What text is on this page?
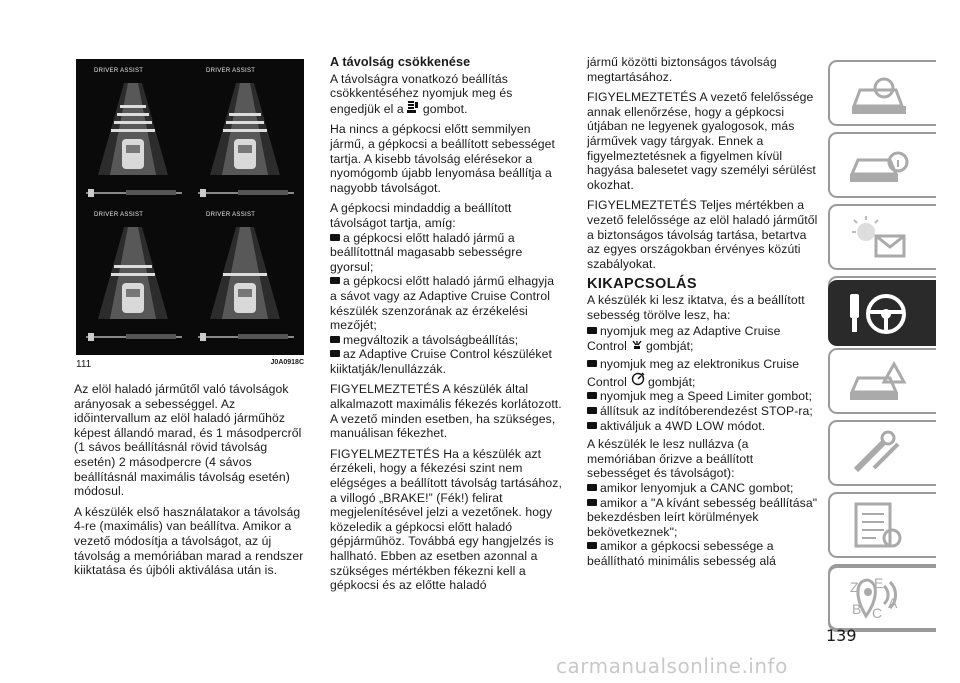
DRIVER ASSIST	DRIVER ASSIST
DRIVER ASSIST	DRIVER ASSIST
111	J0A0918C

Az elöl haladó járműtől való távolságok arányosak a sebességgel. Az időintervallum az elöl haladó járműhöz képest állandó marad, és 1 másodpercről (1 sávos beállításnál rövid távolság esetén) 2 másodpercre (4 sávos beállításnál maximális távolság esetén) módosul.

A készülék első használatakor a távolság 4-re (maximális) van beállítva. Amikor a vezető módosítja a távolságot, az új távolság a memóriában marad a rendszer kiiktatása és újbóli aktiválása után is.

A távolság csökkenése

A távolságra vonatkozó beállítás csökkentéséhez nyomjuk meg és engedjük el a gombot.

Ha nincs a gépkocsi előtt semmilyen jármű, a gépkocsi a beállított sebességet tartja. A kisebb távolság elérésekor a nyomógomb újabb lenyomása beállítja a nagyobb távolságot.

A gépkocsi mindaddig a beállított távolságot tartja, amíg:

a gépkocsi előtt haladó jármű a beállítottnál magasabb sebességre gyorsul;
a gépkocsi előtt haladó jármű elhagyja a sávot vagy az Adaptive Cruise Control készülék szenzorának az érzékelési mezőjét;
megváltozik a távolságbeállítás;
az Adaptive Cruise Control készüléket kiiktatják/lenullázzák.

FIGYELMEZTETÉS A készülék által alkalmazott maximális fékezés korlátozott. A vezető minden esetben, ha szükséges, manuálisan fékezhet.

FIGYELMEZTETÉS Ha a készülék azt érzékeli, hogy a fékezési szint nem elégséges a beállított távolság tartásához, a villogó „BRAKE!” (Fék!) felirat megjelenítésével jelzi a vezetőnek. hogy közeledik a gépkocsi előtt haladó gépjárműhöz. Továbbá egy hangjelzés is hallható. Ebben az esetben azonnal a szükséges mértékben fékezni kell a gépkocsi és az előtte haladó

jármű közötti biztonságos távolság megtartásához.

FIGYELMEZTETÉS A vezető felelőssége annak ellenőrzése, hogy a gépkocsi útjában ne legyenek gyalogosok, más járművek vagy tárgyak. Ennek a figyelmeztetésnek a figyelmen kívül hagyása balesetet vagy személyi sérülést okozhat.

FIGYELMEZTETÉS Teljes mértékben a vezető felelőssége az elöl haladó járműtől a biztonságos távolság tartása, betartva az egyes országokban érvényes közúti szabályokat.

KIKAPCSOLÁS

A készülék ki lesz iktatva, és a beállított sebesség törölve lesz, ha:

nyomjuk meg az Adaptive Cruise Control gombját;
nyomjuk meg az elektronikus Cruise Control gombját;
nyomjuk meg a Speed Limiter gombot;
állítsuk az indítóberendezést STOP-ra;
aktiváljuk a 4WD LOW módot.

A készülék le lesz nullázva (a memóriában őrizve a beállított sebességet és távolságot):

amikor lenyomjuk a CANC gombot;
amikor a "A kívánt sebesség beállítása" bekezdésben leírt körülmények bekövetkeznek";
amikor a gépkocsi sebessége a beállítható minimális sebesség alá
Z E
B C
A
139
carmanualsonline.info
